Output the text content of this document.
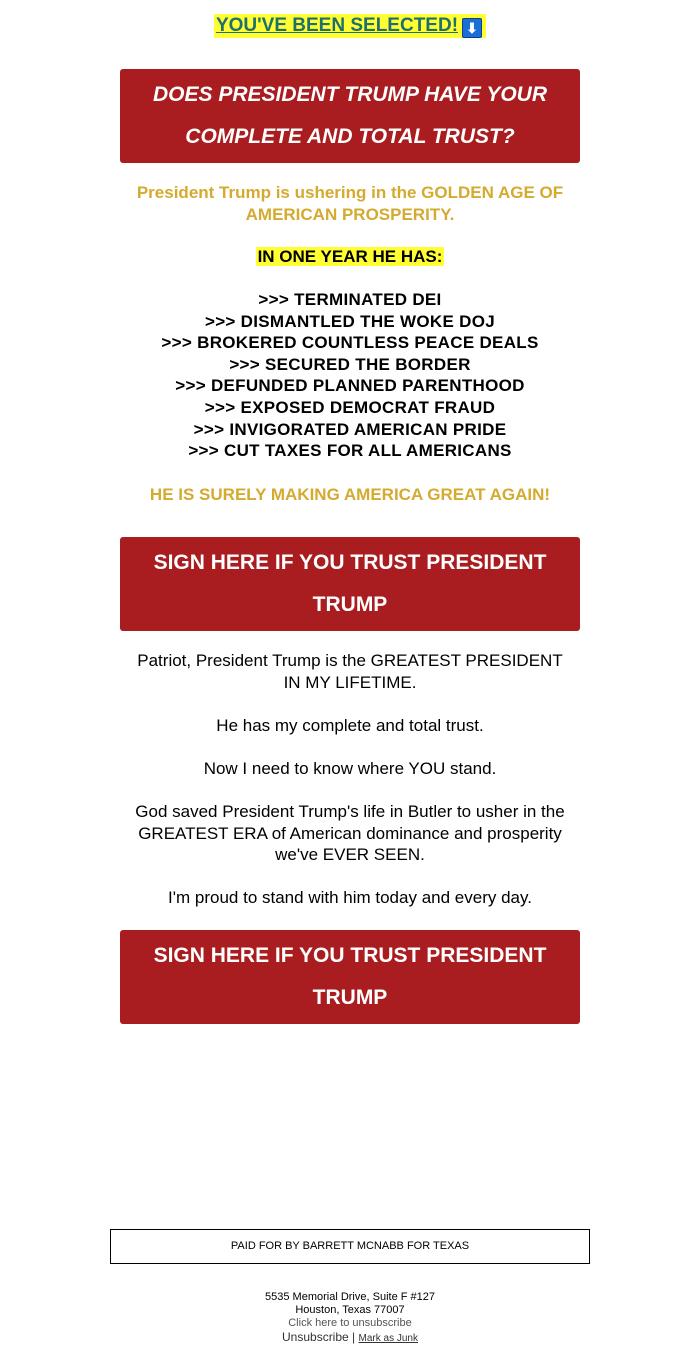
YOU'VE BEEN SELECTED! ⬇
DOES PRESIDENT TRUMP HAVE YOUR
COMPLETE AND TOTAL TRUST?
President Trump is ushering in the GOLDEN AGE OF
AMERICAN PROSPERITY.
IN ONE YEAR HE HAS:
>>> TERMINATED DEI
>>> DISMANTLED THE WOKE DOJ
>>> BROKERED COUNTLESS PEACE DEALS
>>> SECURED THE BORDER
>>> DEFUNDED PLANNED PARENTHOOD
>>> EXPOSED DEMOCRAT FRAUD
>>> INVIGORATED AMERICAN PRIDE
>>> CUT TAXES FOR ALL AMERICANS
HE IS SURELY MAKING AMERICA GREAT AGAIN!
SIGN HERE IF YOU TRUST PRESIDENT
TRUMP
Patriot, President Trump is the GREATEST PRESIDENT
IN MY LIFETIME.
He has my complete and total trust.
Now I need to know where YOU stand.
God saved President Trump's life in Butler to usher in the
GREATEST ERA of American dominance and prosperity
we've EVER SEEN.
I'm proud to stand with him today and every day.
SIGN HERE IF YOU TRUST PRESIDENT
TRUMP
PAID FOR BY BARRETT MCNABB FOR TEXAS
5535 Memorial Drive, Suite F #127
Houston, Texas 77007
Click here to unsubscribe
Unsubscribe | Mark as Junk
